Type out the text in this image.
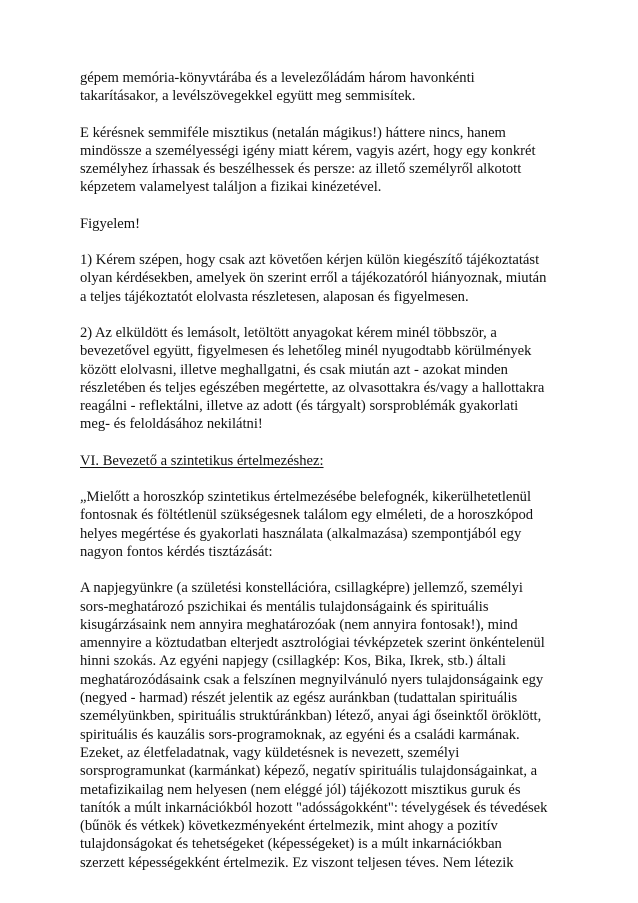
gépem memória-könyvtárába és a levelezőládám három havonkénti
takarításakor, a levélszövegekkel együtt meg semmisítek.

E kérésnek semmiféle misztikus (netalán mágikus!) háttere nincs, hanem
mindössze a személyességi igény miatt kérem, vagyis azért, hogy egy konkrét
személyhez írhassak és beszélhessek és persze: az illető személyről alkotott
képzetem valamelyest találjon a fizikai kinézetével.

Figyelem!

1) Kérem szépen, hogy csak azt követően kérjen külön kiegészítő tájékoztatást
olyan kérdésekben, amelyek ön szerint erről a tájékozatóról hiányoznak, miután
a teljes tájékoztatót elolvasta részletesen, alaposan és figyelmesen.

2) Az elküldött és lemásolt, letöltött anyagokat kérem minél többször, a
bevezetővel együtt, figyelmesen és lehetőleg minél nyugodtabb körülmények
között elolvasni, illetve meghallgatni, és csak miután azt - azokat minden
részletében és teljes egészében megértette, az olvasottakra és/vagy a hallottakra
reagálni - reflektálni, illetve az adott (és tárgyalt) sorsproblémák gyakorlati
meg- és feloldásához nekilátni!

VI. Bevezető a szintetikus értelmezéshez:

„Mielőtt a horoszkóp szintetikus értelmezésébe belefognék, kikerülhetetlenül
fontosnak és föltétlenül szükségesnek találom egy elméleti, de a horoszkópod
helyes megértése és gyakorlati használata (alkalmazása) szempontjából egy
nagyon fontos kérdés tisztázását:

A napjegyünkre (a születési konstellációra, csillagképre) jellemző, személyi
sors-meghatározó pszichikai és mentális tulajdonságaink és spirituális
kisugárzásaink nem annyira meghatározóak (nem annyira fontosak!), mind
amennyire a köztudatban elterjedt asztrológiai tévképzetek szerint önkéntelenül
hinni szokás. Az egyéni napjegy (csillagkép: Kos, Bika, Ikrek, stb.) általi
meghatározódásaink csak a felszínen megnyilvánuló nyers tulajdonságaink egy
(negyed - harmad) részét jelentik az egész auránkban (tudattalan spirituális
személyünkben, spirituális struktúránkban) létező, anyai ági őseinktől öröklött,
spirituális és kauzális sors-programoknak, az egyéni és a családi karmának.
Ezeket, az életfeladatnak, vagy küldetésnek is nevezett, személyi
sorsprogramunkat (karmánkat) képező, negatív spirituális tulajdonságainkat, a
metafizikailag nem helyesen (nem eléggé jól) tájékozott misztikus guruk és
tanítók a múlt inkarnációkból hozott "adósságokként": tévelygések és tévedések
(bűnök és vétkek) következményeként értelmezik, mint ahogy a pozitív
tulajdonságokat és tehetségeket (képességeket) is a múlt inkarnációkban
szerzett képességekként értelmezik. Ez viszont teljesen téves. Nem létezik
